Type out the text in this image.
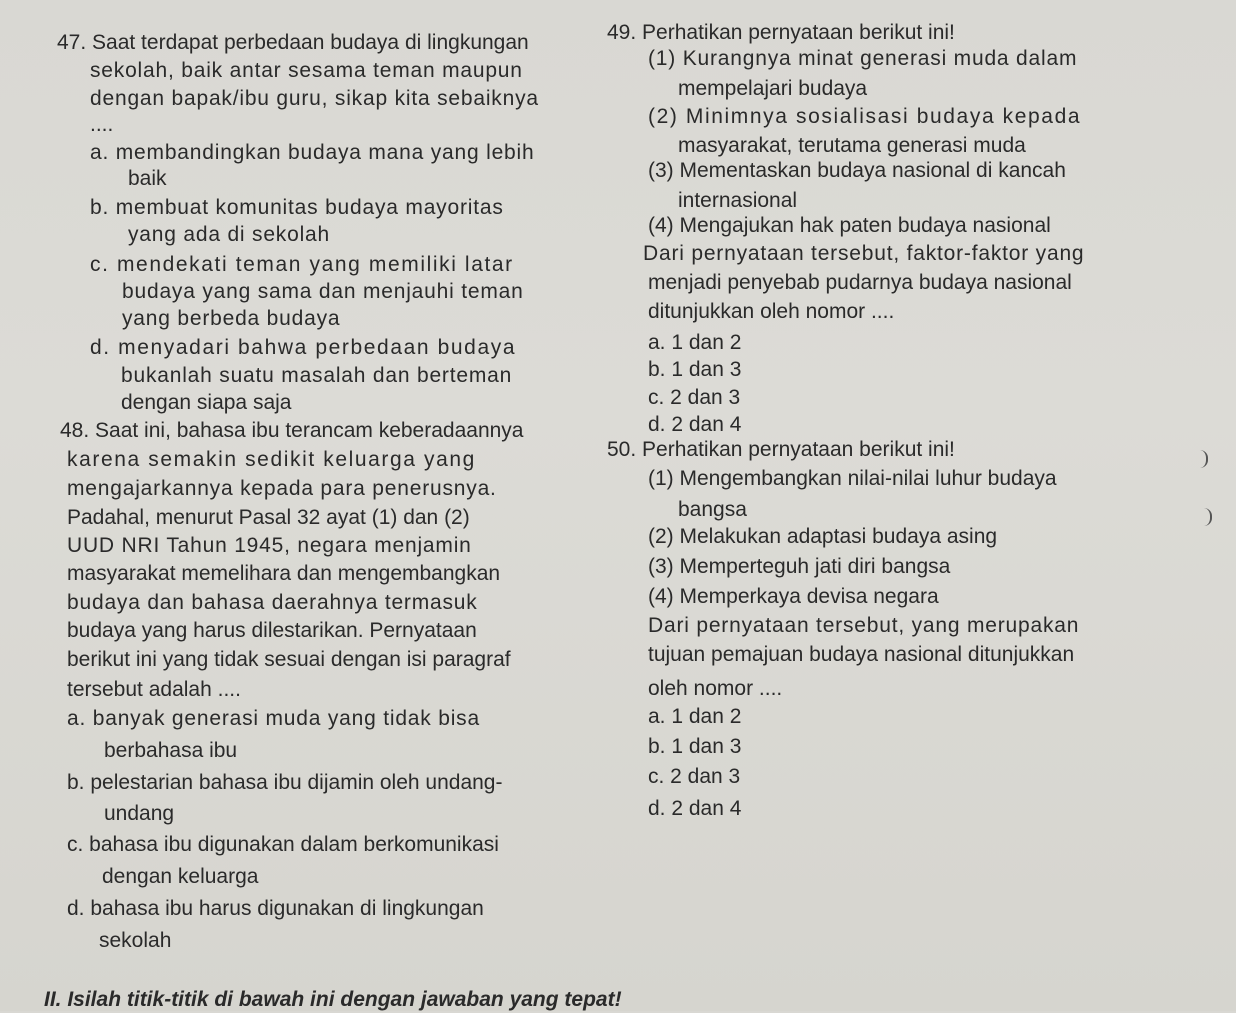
47. Saat terdapat perbedaan budaya di lingkungan
sekolah, baik antar sesama teman maupun
dengan bapak/ibu guru, sikap kita sebaiknya
....
a. membandingkan budaya mana yang lebih
baik
b. membuat komunitas budaya mayoritas
yang ada di sekolah
c. mendekati teman yang memiliki latar
budaya yang sama dan menjauhi teman
yang berbeda budaya
d. menyadari bahwa perbedaan budaya
bukanlah suatu masalah dan berteman
dengan siapa saja
48. Saat ini, bahasa ibu terancam keberadaannya
karena semakin sedikit keluarga yang
mengajarkannya kepada para penerusnya.
Padahal, menurut Pasal 32 ayat (1) dan (2)
UUD NRI Tahun 1945, negara menjamin
masyarakat memelihara dan mengembangkan
budaya dan bahasa daerahnya termasuk
budaya yang harus dilestarikan. Pernyataan
berikut ini yang tidak sesuai dengan isi paragraf
tersebut adalah ....
a. banyak generasi muda yang tidak bisa
berbahasa ibu
b. pelestarian bahasa ibu dijamin oleh undang-
undang
c. bahasa ibu digunakan dalam berkomunikasi
dengan keluarga
d. bahasa ibu harus digunakan di lingkungan
sekolah
49. Perhatikan pernyataan berikut ini!
(1) Kurangnya minat generasi muda dalam
mempelajari budaya
(2) Minimnya sosialisasi budaya kepada
masyarakat, terutama generasi muda
(3) Mementaskan budaya nasional di kancah
internasional
(4) Mengajukan hak paten budaya nasional
Dari pernyataan tersebut, faktor-faktor yang
menjadi penyebab pudarnya budaya nasional
ditunjukkan oleh nomor ....
a. 1 dan 2
b. 1 dan 3
c. 2 dan 3
d. 2 dan 4
50. Perhatikan pernyataan berikut ini!
(1) Mengembangkan nilai-nilai luhur budaya
bangsa
(2) Melakukan adaptasi budaya asing
(3) Memperteguh jati diri bangsa
(4) Memperkaya devisa negara
Dari pernyataan tersebut, yang merupakan
tujuan pemajuan budaya nasional ditunjukkan
oleh nomor ....
a. 1 dan 2
b. 1 dan 3
c. 2 dan 3
d. 2 dan 4
II. Isilah titik-titik di bawah ini dengan jawaban yang tepat!
